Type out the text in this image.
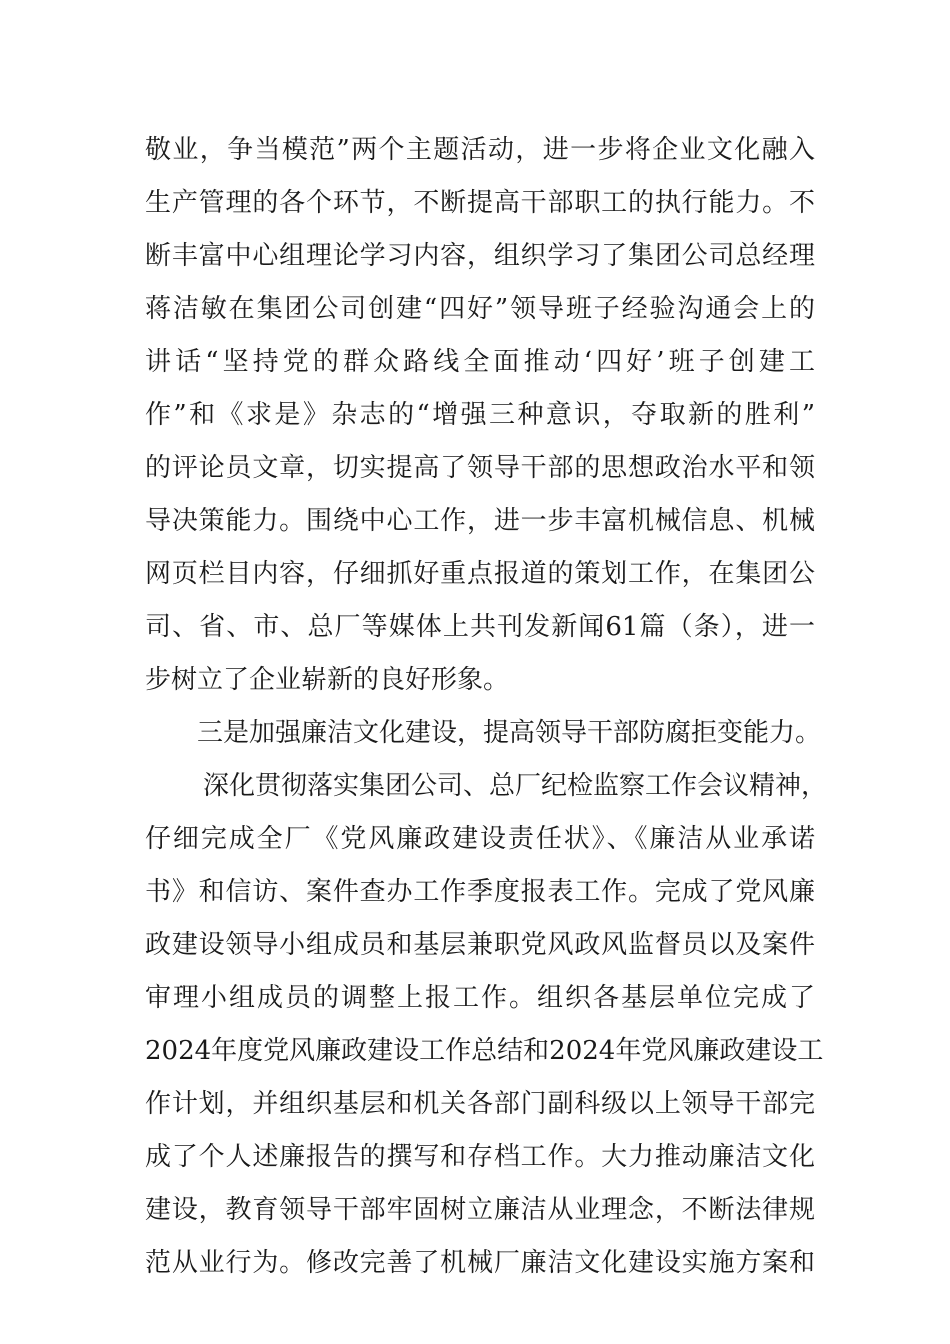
敬业，争当模范”两个主题活动，进一步将企业文化融入
生产管理的各个环节，不断提高干部职工的执行能力。不
断丰富中心组理论学习内容，组织学习了集团公司总经理
蒋洁敏在集团公司创建“四好”领导班子经验沟通会上的
讲话“坚持党的群众路线全面推动‘四好’班子创建工
作”和《求是》杂志的“增强三种意识，夺取新的胜利”
的评论员文章，切实提高了领导干部的思想政治水平和领
导决策能力。围绕中心工作，进一步丰富机械信息、机械
网页栏目内容，仔细抓好重点报道的策划工作，在集团公
司、省、市、总厂等媒体上共刊发新闻61篇（条），进一
步树立了企业崭新的良好形象。
三是加强廉洁文化建设，提高领导干部防腐拒变能力。
深化贯彻落实集团公司、总厂纪检监察工作会议精神，
仔细完成全厂《党风廉政建设责任状》、《廉洁从业承诺
书》和信访、案件查办工作季度报表工作。完成了党风廉
政建设领导小组成员和基层兼职党风政风监督员以及案件
审理小组成员的调整上报工作。组织各基层单位完成了
2024年度党风廉政建设工作总结和2024年党风廉政建设工
作计划，并组织基层和机关各部门副科级以上领导干部完
成了个人述廉报告的撰写和存档工作。大力推动廉洁文化
建设，教育领导干部牢固树立廉洁从业理念，不断法律规
范从业行为。修改完善了机械厂廉洁文化建设实施方案和
